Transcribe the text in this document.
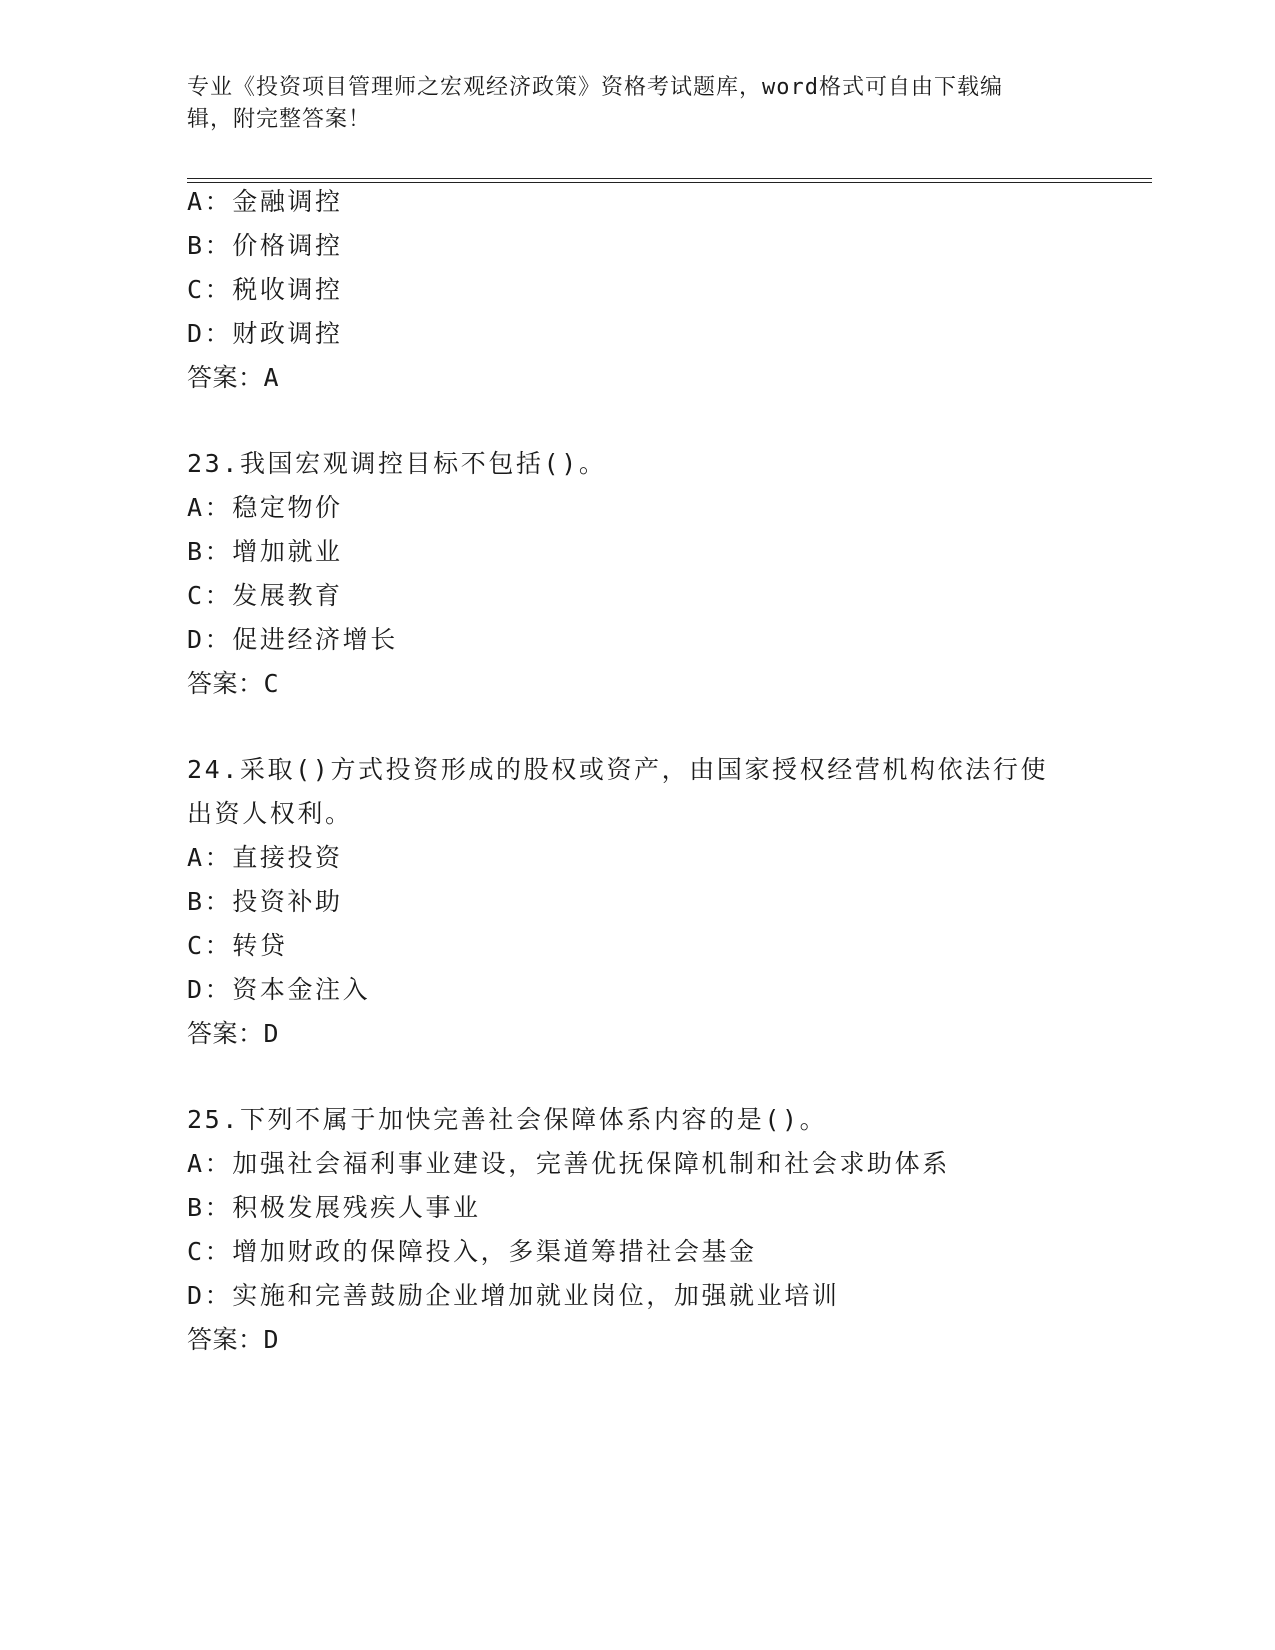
专业《投资项目管理师之宏观经济政策》资格考试题库，word格式可自由下载编
辑，附完整答案！
A：金融调控
B：价格调控
C：税收调控
D：财政调控
答案：A
23.我国宏观调控目标不包括()。
A：稳定物价
B：增加就业
C：发展教育
D：促进经济增长
答案：C
24.采取()方式投资形成的股权或资产，由国家授权经营机构依法行使
出资人权利。
A：直接投资
B：投资补助
C：转贷
D：资本金注入
答案：D
25.下列不属于加快完善社会保障体系内容的是()。
A：加强社会福利事业建设，完善优抚保障机制和社会求助体系
B：积极发展残疾人事业
C：增加财政的保障投入，多渠道筹措社会基金
D：实施和完善鼓励企业增加就业岗位，加强就业培训
答案：D
